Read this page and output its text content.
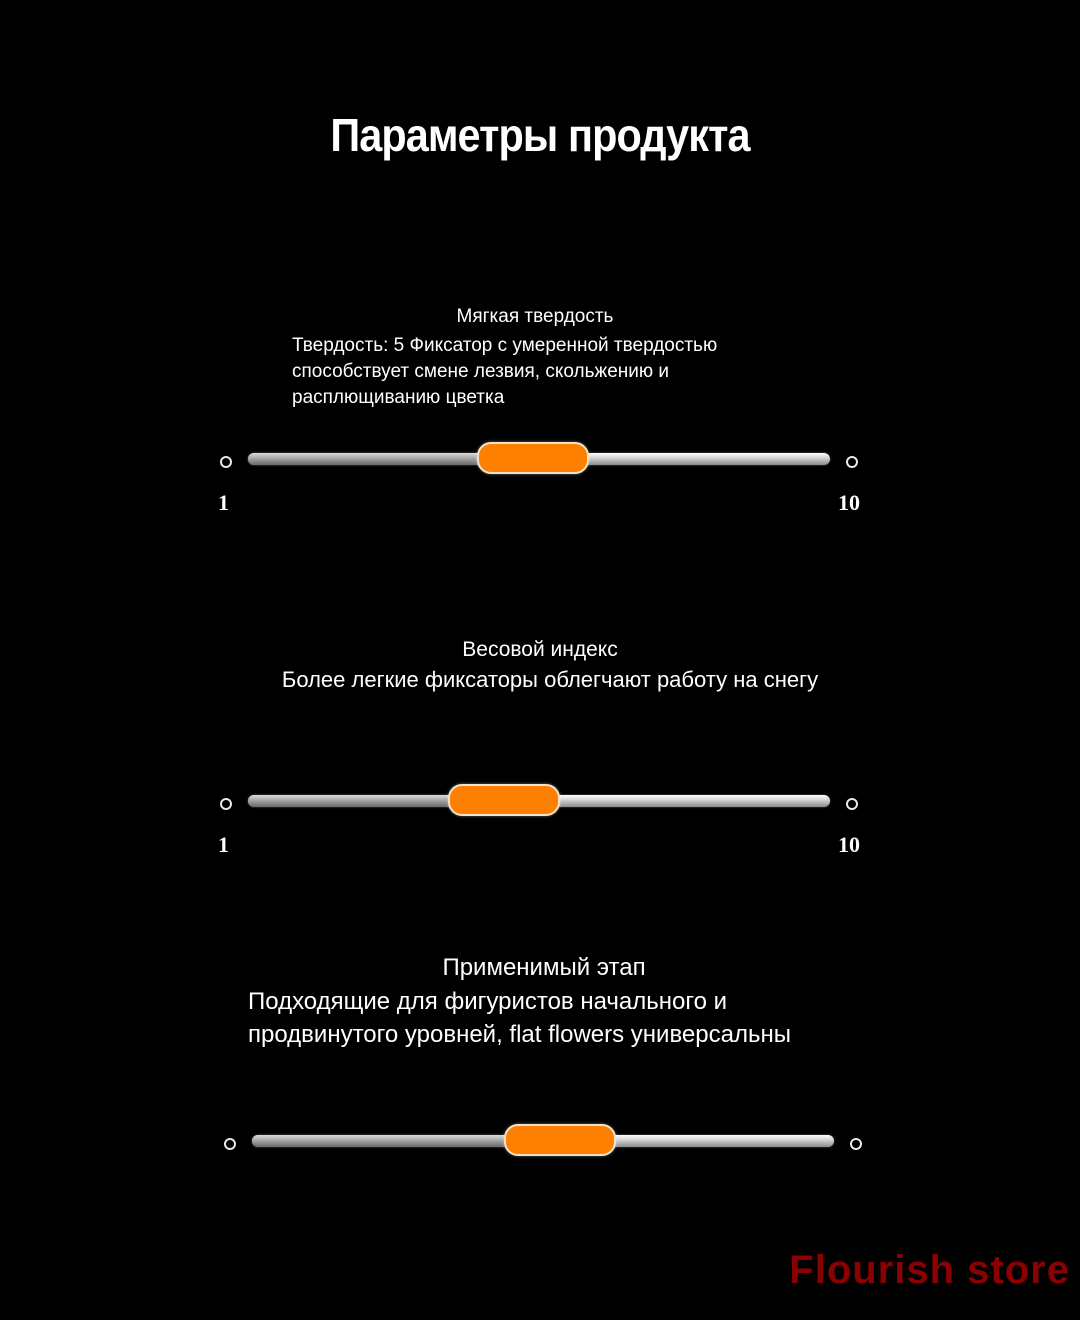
Параметры продукта
Мягкая твердость
Твердость: 5 Фиксатор с умеренной твердостью
способствует смене лезвия, скольжению и
расплющиванию цветка
1	10
Весовой индекс
Более легкие фиксаторы облегчают работу на снегу
1	10
Применимый этап
Подходящие для фигуристов начального и
продвинутого уровней, flat flowers универсальны
Flourish store
